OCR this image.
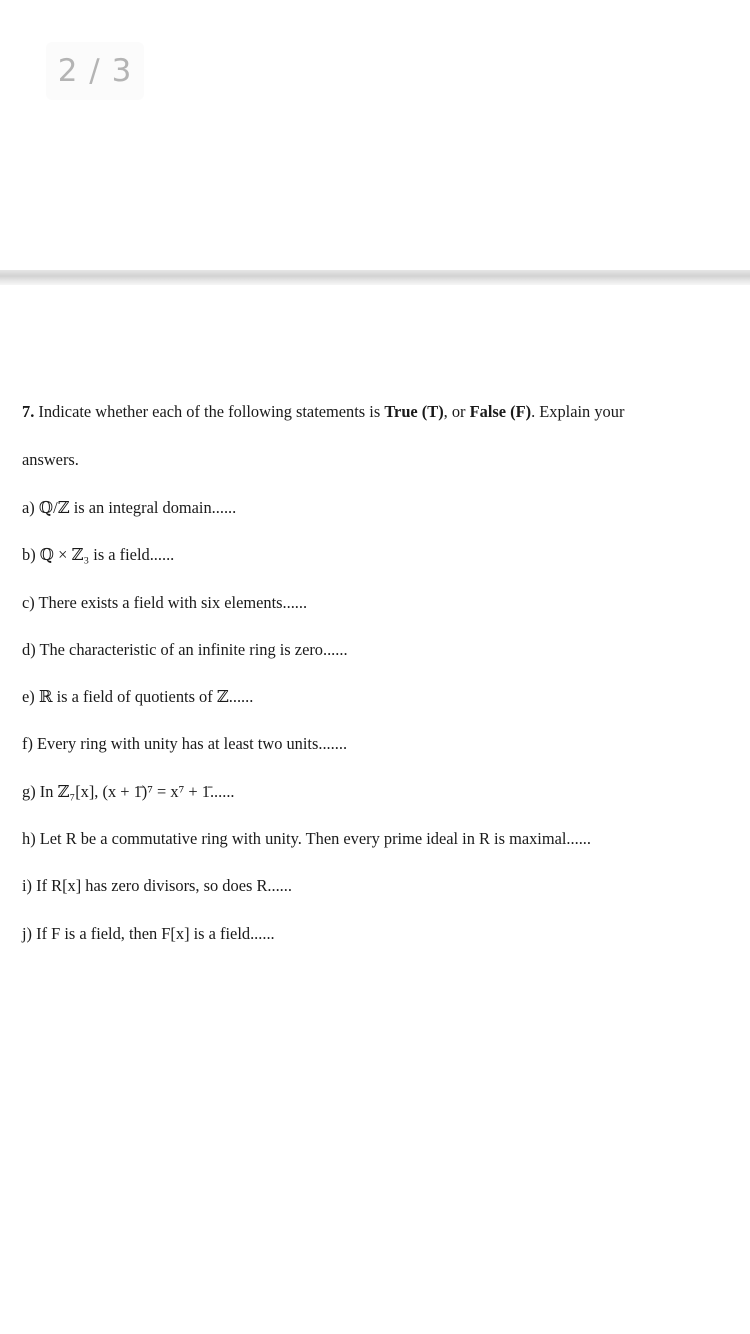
2 / 3

7. Indicate whether each of the following statements is True (T), or False (F). Explain your

answers.

a) ℚ/ℤ is an integral domain......
b) ℚ × ℤ₃ is a field......
c) There exists a field with six elements......
d) The characteristic of an infinite ring is zero......
e) ℝ is a field of quotients of ℤ......
f) Every ring with unity has at least two units.......
g) In ℤ₇[x], (x + 1̄)⁷ = x⁷ + 1̄......
h) Let R be a commutative ring with unity. Then every prime ideal in R is maximal......
i) If R[x] has zero divisors, so does R......
j) If F is a field, then F[x] is a field......
